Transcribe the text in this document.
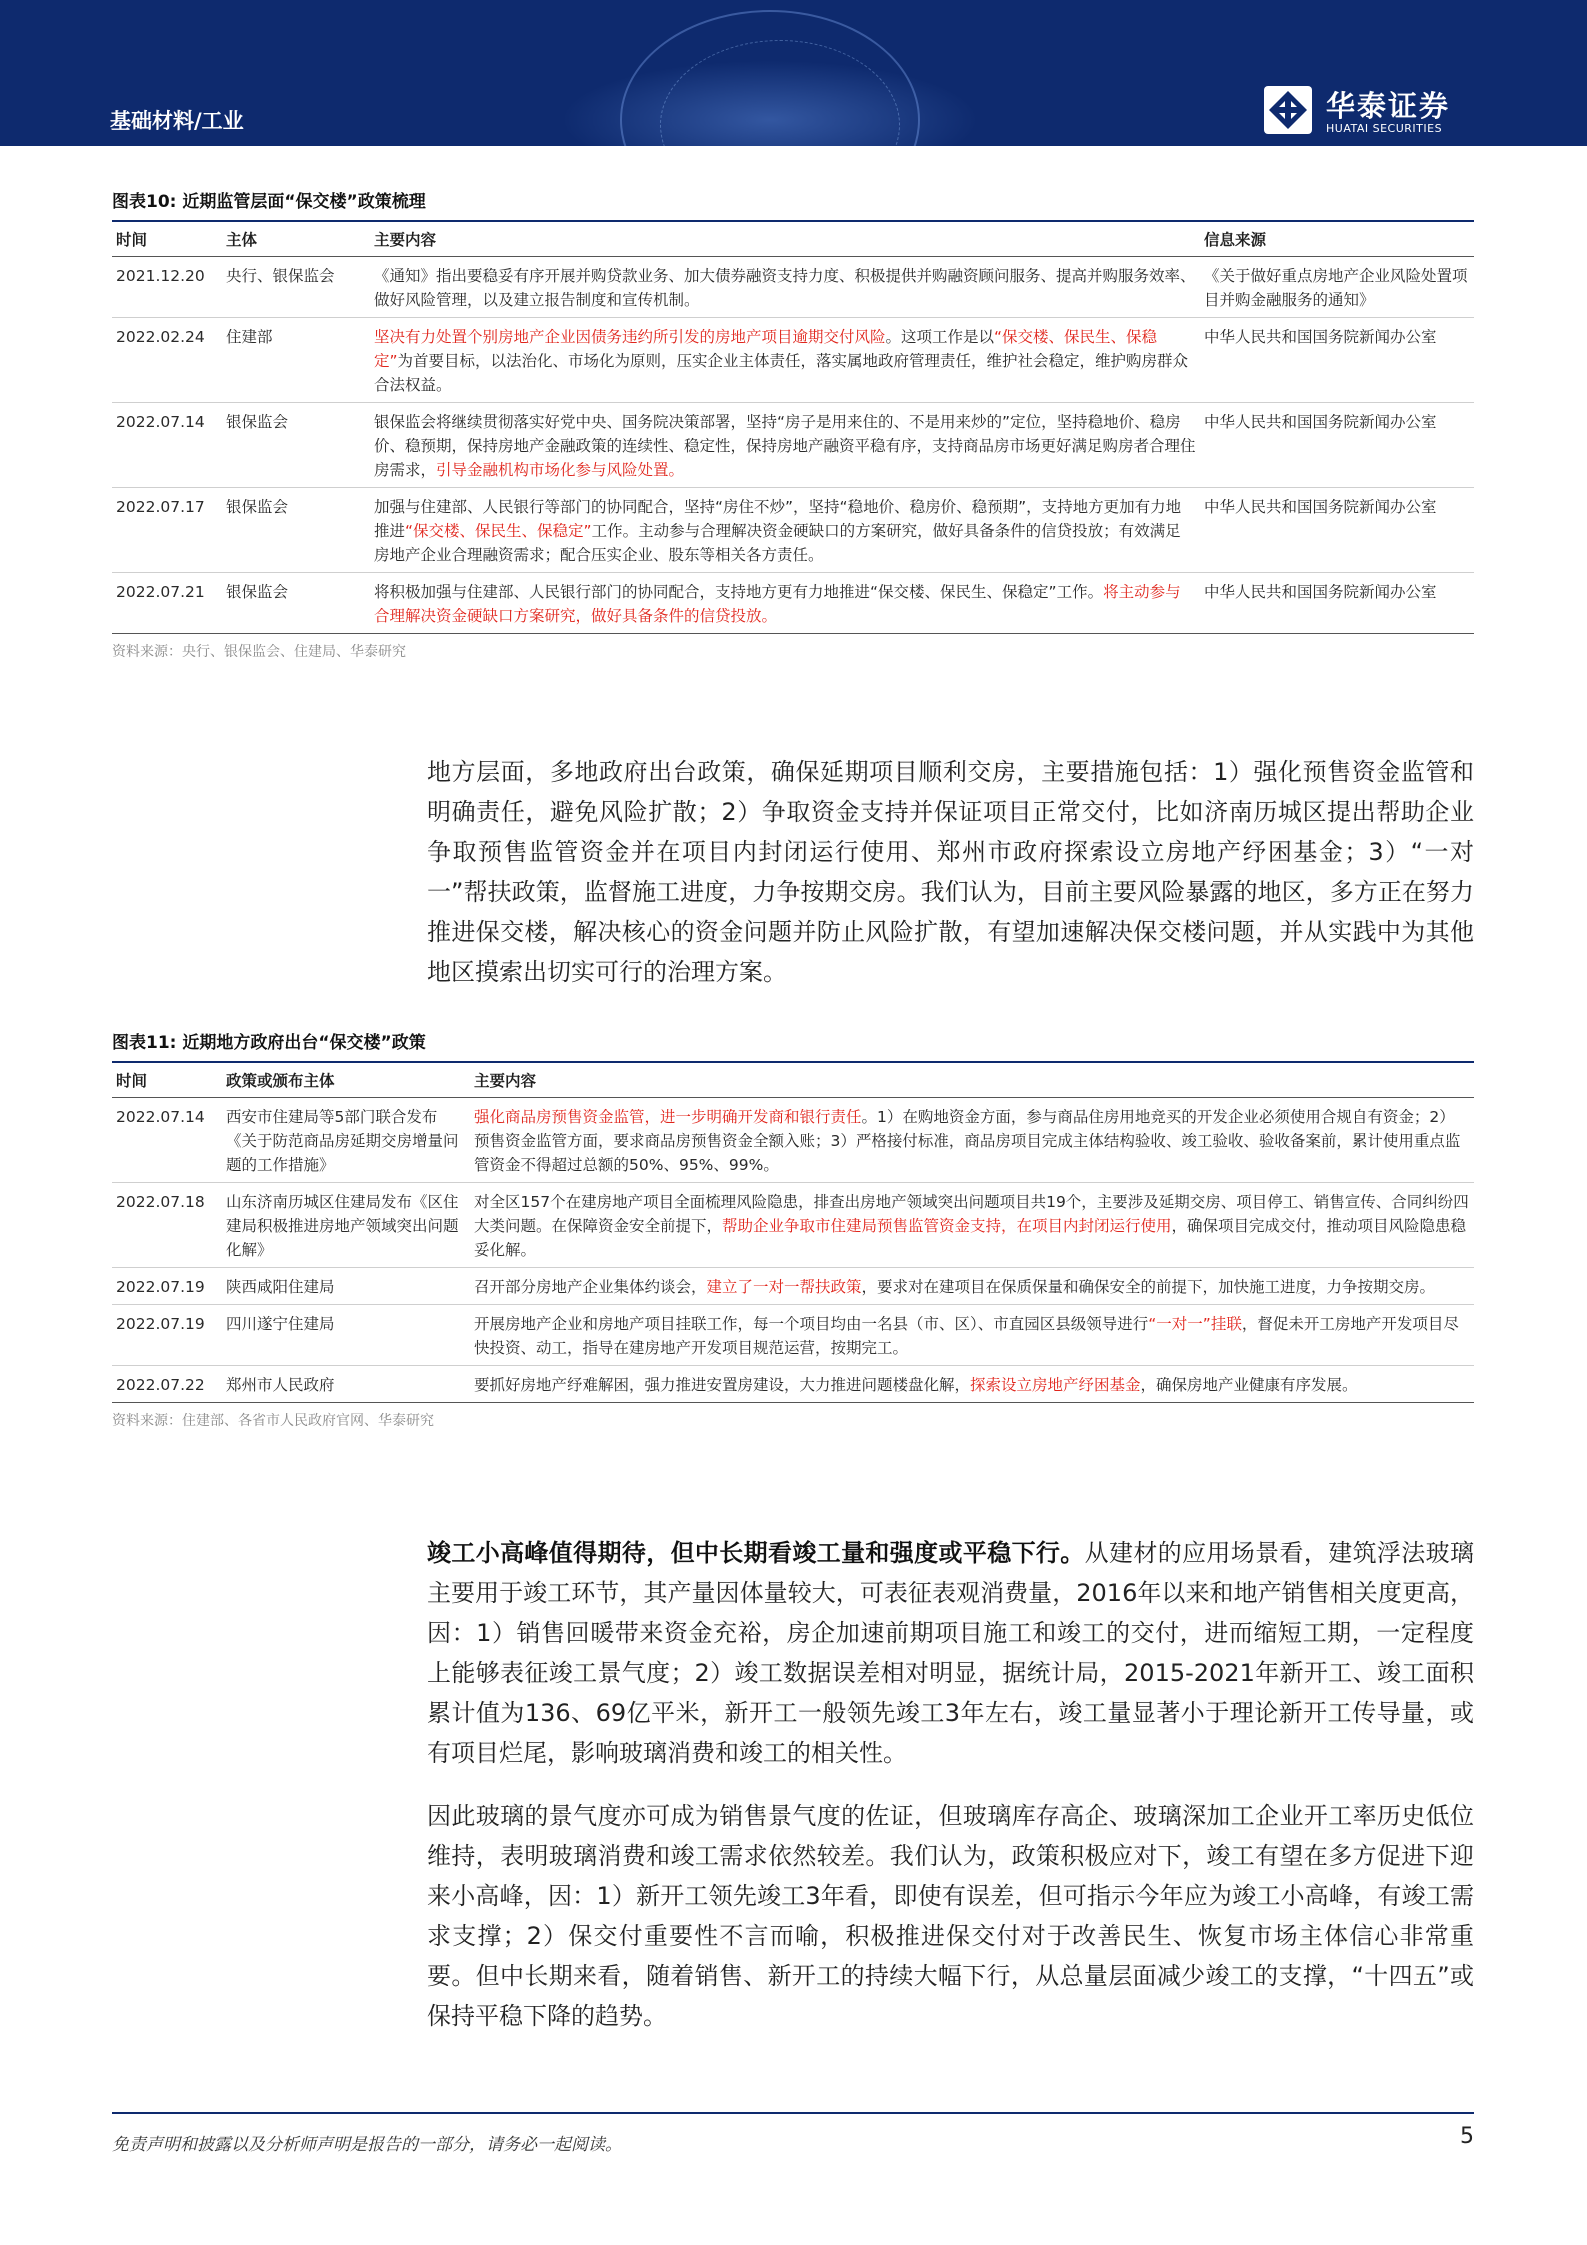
基础材料/工业	华泰证券
HUATAI SECURITIES
图表10: 近期监管层面“保交楼”政策梳理
时间	主体	主要内容	信息来源
2021.12.20	央行、银保监会	《通知》指出要稳妥有序开展并购贷款业务、加大债券融资支持力度、积极提供并购融资顾问服务、提高并购服务效率、做好风险管理，以及建立报告制度和宣传机制。	《关于做好重点房地产企业风险处置项目并购金融服务的通知》
2022.02.24	住建部	坚决有力处置个别房地产企业因债务违约所引发的房地产项目逾期交付风险。这项工作是以“保交楼、保民生、保稳定”为首要目标，以法治化、市场化为原则，压实企业主体责任，落实属地政府管理责任，维护社会稳定，维护购房群众合法权益。	中华人民共和国国务院新闻办公室
2022.07.14	银保监会	银保监会将继续贯彻落实好党中央、国务院决策部署，坚持“房子是用来住的、不是用来炒的”定位，坚持稳地价、稳房价、稳预期，保持房地产金融政策的连续性、稳定性，保持房地产融资平稳有序，支持商品房市场更好满足购房者合理住房需求，引导金融机构市场化参与风险处置。	中华人民共和国国务院新闻办公室
2022.07.17	银保监会	加强与住建部、人民银行等部门的协同配合，坚持“房住不炒”，坚持“稳地价、稳房价、稳预期”，支持地方更加有力地推进“保交楼、保民生、保稳定”工作。主动参与合理解决资金硬缺口的方案研究，做好具备条件的信贷投放；有效满足房地产企业合理融资需求；配合压实企业、股东等相关各方责任。	中华人民共和国国务院新闻办公室
2022.07.21	银保监会	将积极加强与住建部、人民银行部门的协同配合，支持地方更有力地推进“保交楼、保民生、保稳定”工作。将主动参与合理解决资金硬缺口方案研究，做好具备条件的信贷投放。	中华人民共和国国务院新闻办公室
资料来源：央行、银保监会、住建局、华泰研究
地方层面，多地政府出台政策，确保延期项目顺利交房，主要措施包括：1）强化预售资金监管和明确责任，避免风险扩散；2）争取资金支持并保证项目正常交付，比如济南历城区提出帮助企业争取预售监管资金并在项目内封闭运行使用、郑州市政府探索设立房地产纾困基金；3）“一对一”帮扶政策，监督施工进度，力争按期交房。我们认为，目前主要风险暴露的地区，多方正在努力推进保交楼，解决核心的资金问题并防止风险扩散，有望加速解决保交楼问题，并从实践中为其他地区摸索出切实可行的治理方案。
图表11: 近期地方政府出台“保交楼”政策
时间	政策或颁布主体	主要内容
2022.07.14	西安市住建局等5部门联合发布《关于防范商品房延期交房增量问题的工作措施》	强化商品房预售资金监管，进一步明确开发商和银行责任。1）在购地资金方面，参与商品住房用地竞买的开发企业必须使用合规自有资金；2）预售资金监管方面，要求商品房预售资金全额入账；3）严格接付标准，商品房项目完成主体结构验收、竣工验收、验收备案前，累计使用重点监管资金不得超过总额的50%、95%、99%。
2022.07.18	山东济南历城区住建局发布《区住建局积极推进房地产领域突出问题化解》	对全区157个在建房地产项目全面梳理风险隐患，排查出房地产领域突出问题项目共19个，主要涉及延期交房、项目停工、销售宣传、合同纠纷四大类问题。在保障资金安全前提下，帮助企业争取市住建局预售监管资金支持，在项目内封闭运行使用，确保项目完成交付，推动项目风险隐患稳妥化解。
2022.07.19	陕西咸阳住建局	召开部分房地产企业集体约谈会，建立了一对一帮扶政策，要求对在建项目在保质保量和确保安全的前提下，加快施工进度，力争按期交房。
2022.07.19	四川遂宁住建局	开展房地产企业和房地产项目挂联工作，每一个项目均由一名县（市、区）、市直园区县级领导进行“一对一”挂联，督促未开工房地产开发项目尽快投资、动工，指导在建房地产开发项目规范运营，按期完工。
2022.07.22	郑州市人民政府	要抓好房地产纾难解困，强力推进安置房建设，大力推进问题楼盘化解，探索设立房地产纾困基金，确保房地产业健康有序发展。
资料来源：住建部、各省市人民政府官网、华泰研究
竣工小高峰值得期待，但中长期看竣工量和强度或平稳下行。从建材的应用场景看，建筑浮法玻璃主要用于竣工环节，其产量因体量较大，可表征表观消费量，2016年以来和地产销售相关度更高，因：1）销售回暖带来资金充裕，房企加速前期项目施工和竣工的交付，进而缩短工期，一定程度上能够表征竣工景气度；2）竣工数据误差相对明显，据统计局，2015-2021年新开工、竣工面积累计值为136、69亿平米，新开工一般领先竣工3年左右，竣工量显著小于理论新开工传导量，或有项目烂尾，影响玻璃消费和竣工的相关性。
因此玻璃的景气度亦可成为销售景气度的佐证，但玻璃库存高企、玻璃深加工企业开工率历史低位维持，表明玻璃消费和竣工需求依然较差。我们认为，政策积极应对下，竣工有望在多方促进下迎来小高峰，因：1）新开工领先竣工3年看，即使有误差，但可指示今年应为竣工小高峰，有竣工需求支撑；2）保交付重要性不言而喻，积极推进保交付对于改善民生、恢复市场主体信心非常重要。但中长期来看，随着销售、新开工的持续大幅下行，从总量层面减少竣工的支撑，“十四五”或保持平稳下降的趋势。
免责声明和披露以及分析师声明是报告的一部分，请务必一起阅读。	5
